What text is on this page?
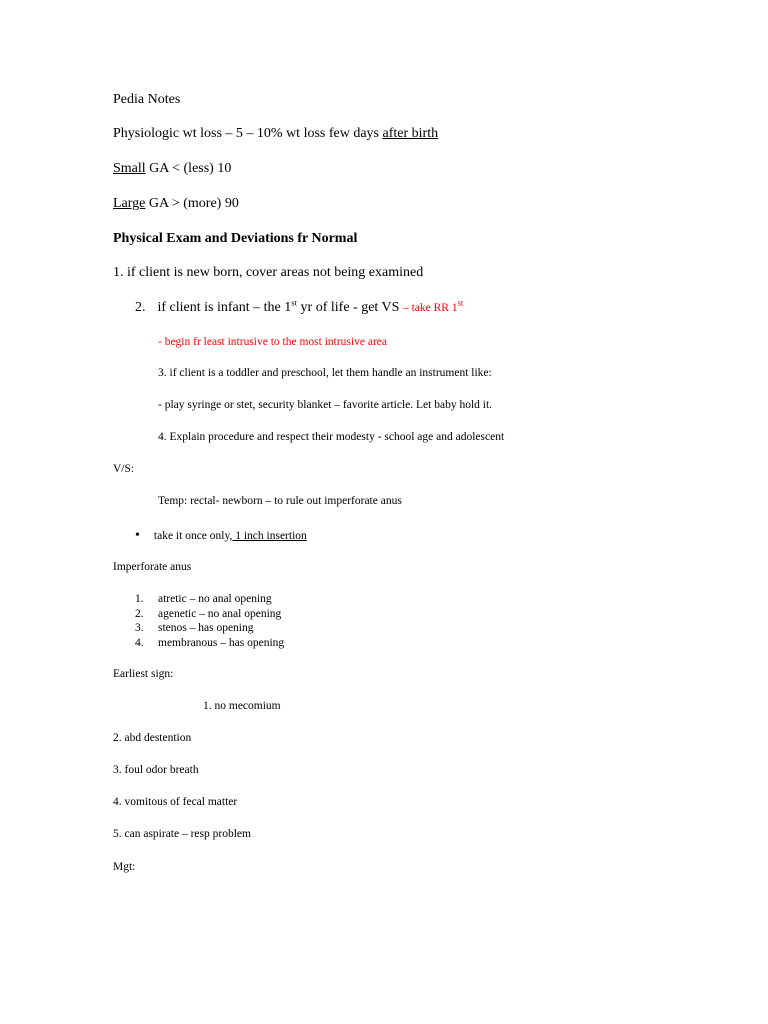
Pedia Notes
Physiologic wt loss – 5 – 10% wt loss few days after birth
Small GA < (less) 10
Large GA > (more) 90
Physical Exam and Deviations fr Normal
1. if client is new born, cover areas not being examined
2. if client is infant – the 1st yr of life - get VS – take RR 1st
- begin fr least intrusive to the most intrusive area
3. if client is a toddler and preschool, let them handle an instrument like:
- play syringe or stet, security blanket – favorite article. Let baby hold it.
4. Explain procedure and respect their modesty - school age and adolescent
V/S:
Temp: rectal- newborn – to rule out imperforate anus
• take it once only, 1 inch insertion
Imperforate anus
1. atretic – no anal opening
2. agenetic – no anal opening
3. stenos – has opening
4. membranous – has opening
Earliest sign:
1. no mecomium
2. abd destention
3. foul odor breath
4. vomitous of fecal matter
5. can aspirate – resp problem
Mgt:
